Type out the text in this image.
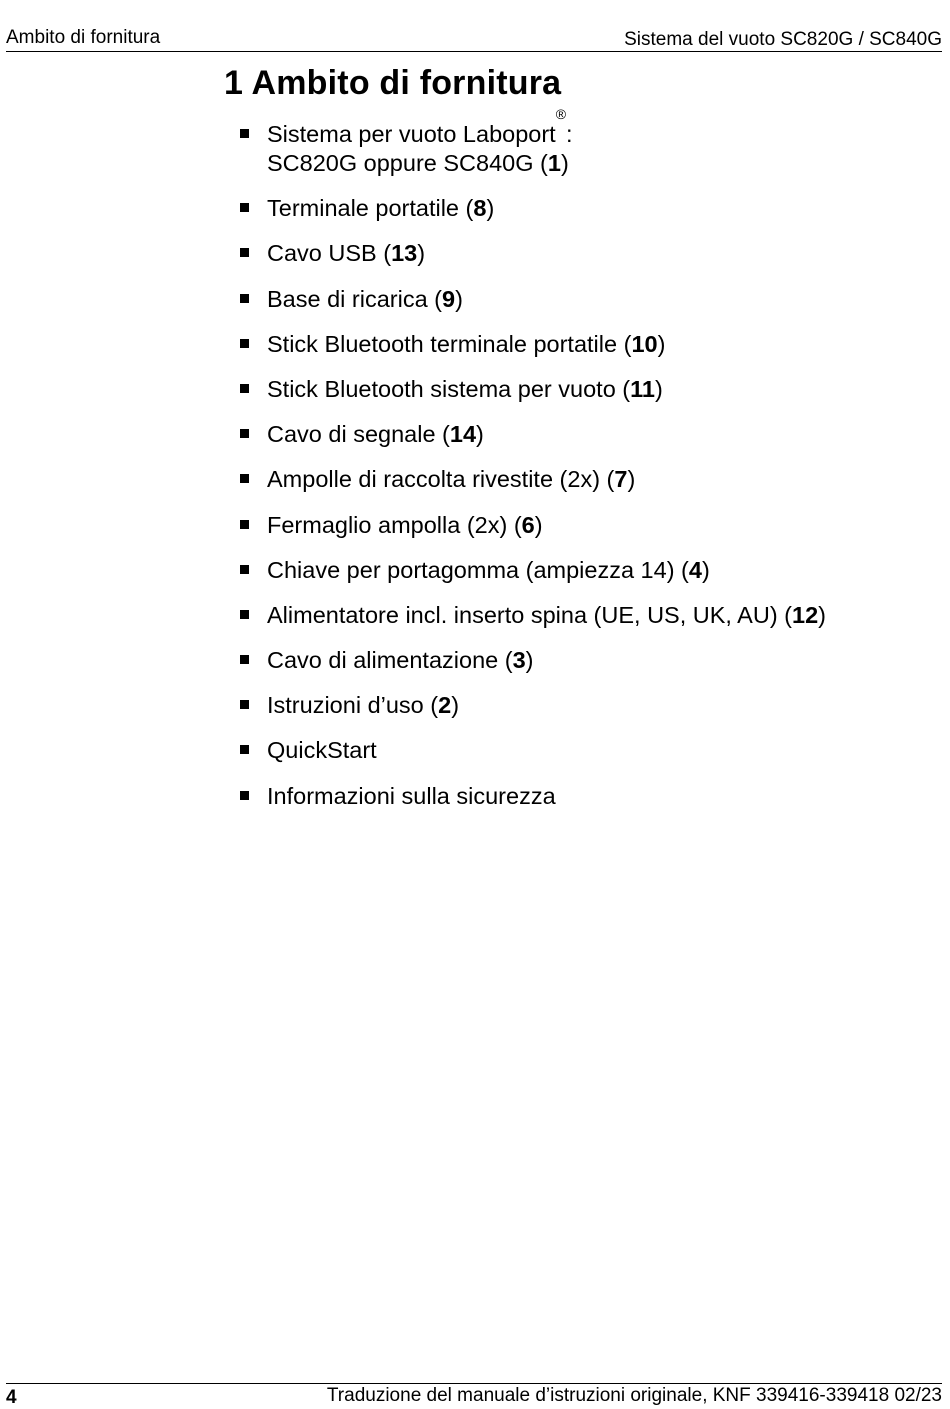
Ambito di fornitura	Sistema del vuoto SC820G / SC840G
1 Ambito di fornitura
Sistema per vuoto Laboport®:
SC820G oppure SC840G (1)
Terminale portatile (8)
Cavo USB (13)
Base di ricarica (9)
Stick Bluetooth terminale portatile (10)
Stick Bluetooth sistema per vuoto (11)
Cavo di segnale (14)
Ampolle di raccolta rivestite (2x) (7)
Fermaglio ampolla (2x) (6)
Chiave per portagomma (ampiezza 14) (4)
Alimentatore incl. inserto spina (UE, US, UK, AU) (12)
Cavo di alimentazione (3)
Istruzioni d’uso (2)
QuickStart
Informazioni sulla sicurezza
4	Traduzione del manuale d’istruzioni originale, KNF 339416-339418 02/23
